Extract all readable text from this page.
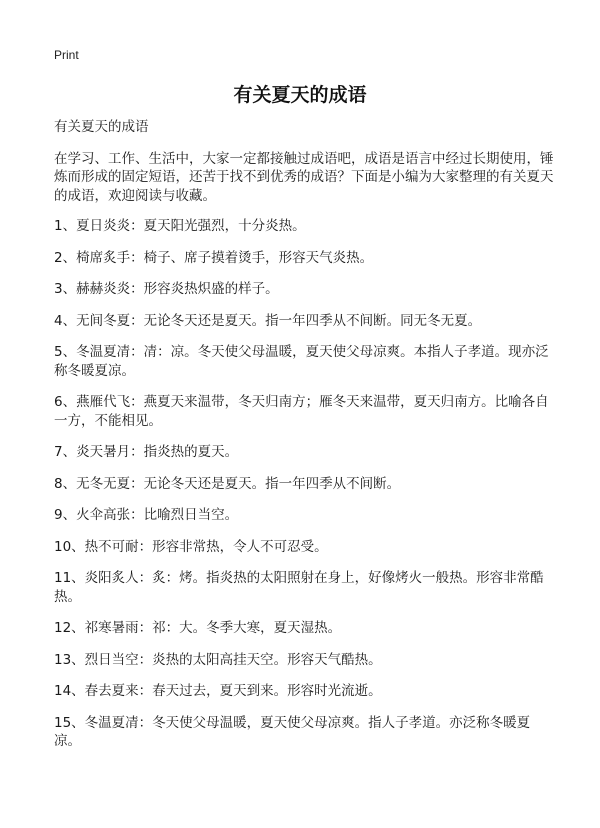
Print
有关夏天的成语
有关夏天的成语
在学习、工作、生活中，大家一定都接触过成语吧，成语是语言中经过长期使用，锤炼而形成的固定短语，还苦于找不到优秀的成语？下面是小编为大家整理的有关夏天的成语，欢迎阅读与收藏。
1、夏日炎炎：夏天阳光强烈，十分炎热。
2、椅席炙手：椅子、席子摸着烫手，形容天气炎热。
3、赫赫炎炎：形容炎热炽盛的样子。
4、无间冬夏：无论冬天还是夏天。指一年四季从不间断。同无冬无夏。
5、冬温夏凊：凊：凉。冬天使父母温暖，夏天使父母凉爽。本指人子孝道。现亦泛称冬暖夏凉。
6、燕雁代飞：燕夏天来温带，冬天归南方；雁冬天来温带，夏天归南方。比喻各自一方，不能相见。
7、炎天暑月：指炎热的夏天。
8、无冬无夏：无论冬天还是夏天。指一年四季从不间断。
9、火伞高张：比喻烈日当空。
10、热不可耐：形容非常热，令人不可忍受。
11、炎阳炙人：炙：烤。指炎热的太阳照射在身上，好像烤火一般热。形容非常酷热。
12、祁寒暑雨：祁：大。冬季大寒，夏天湿热。
13、烈日当空：炎热的太阳高挂天空。形容天气酷热。
14、春去夏来：春天过去，夏天到来。形容时光流逝。
15、冬温夏凊：冬天使父母温暖，夏天使父母凉爽。指人子孝道。亦泛称冬暖夏凉。
